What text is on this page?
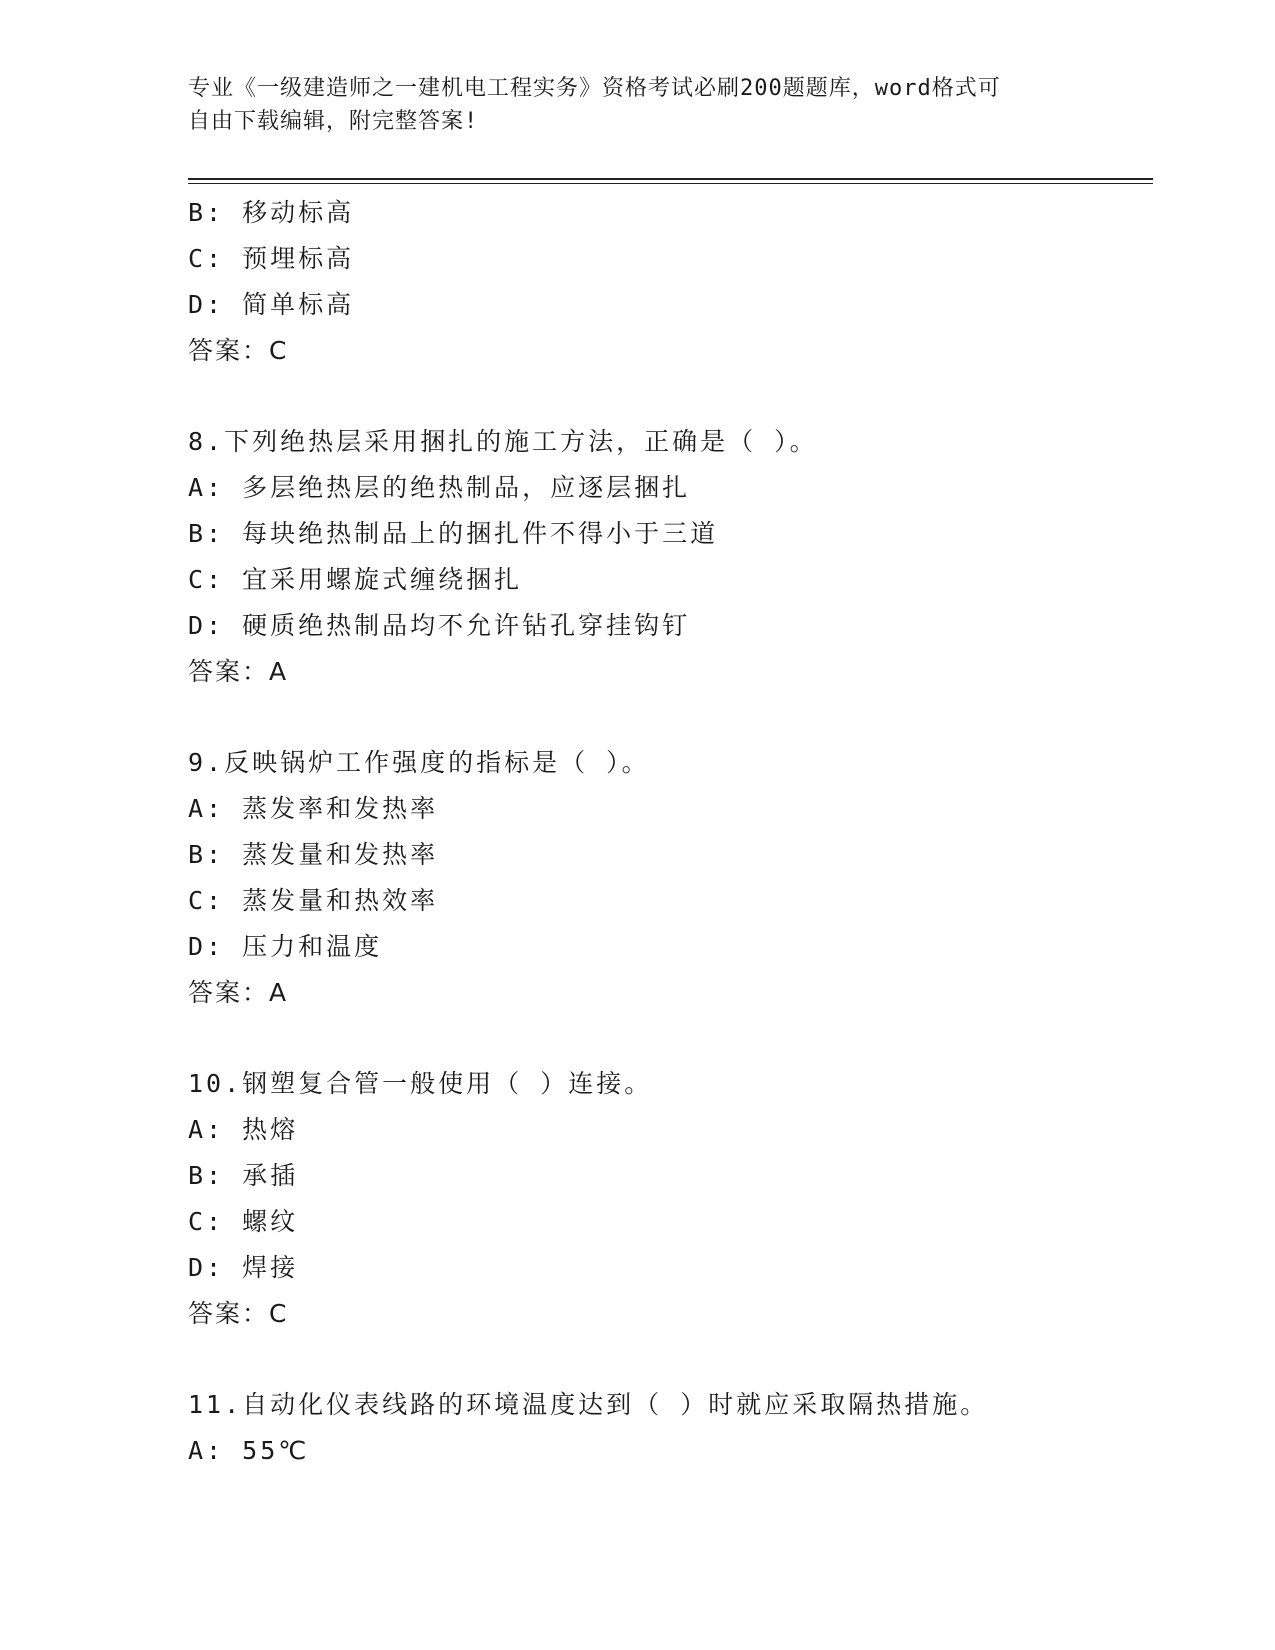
专业《一级建造师之一建机电工程实务》资格考试必刷200题题库，word格式可
自由下载编辑，附完整答案!
B: 移动标高
C: 预埋标高
D: 简单标高
答案：C
8.下列绝热层采用捆扎的施工方法，正确是（ ）。
A: 多层绝热层的绝热制品，应逐层捆扎
B: 每块绝热制品上的捆扎件不得小于三道
C: 宜采用螺旋式缠绕捆扎
D: 硬质绝热制品均不允许钻孔穿挂钩钉
答案：A
9.反映锅炉工作强度的指标是（ ）。
A: 蒸发率和发热率
B: 蒸发量和发热率
C: 蒸发量和热效率
D: 压力和温度
答案：A
10.钢塑复合管一般使用（ ）连接。
A: 热熔
B: 承插
C: 螺纹
D: 焊接
答案：C
11.自动化仪表线路的环境温度达到（ ）时就应采取隔热措施。
A: 55℃
